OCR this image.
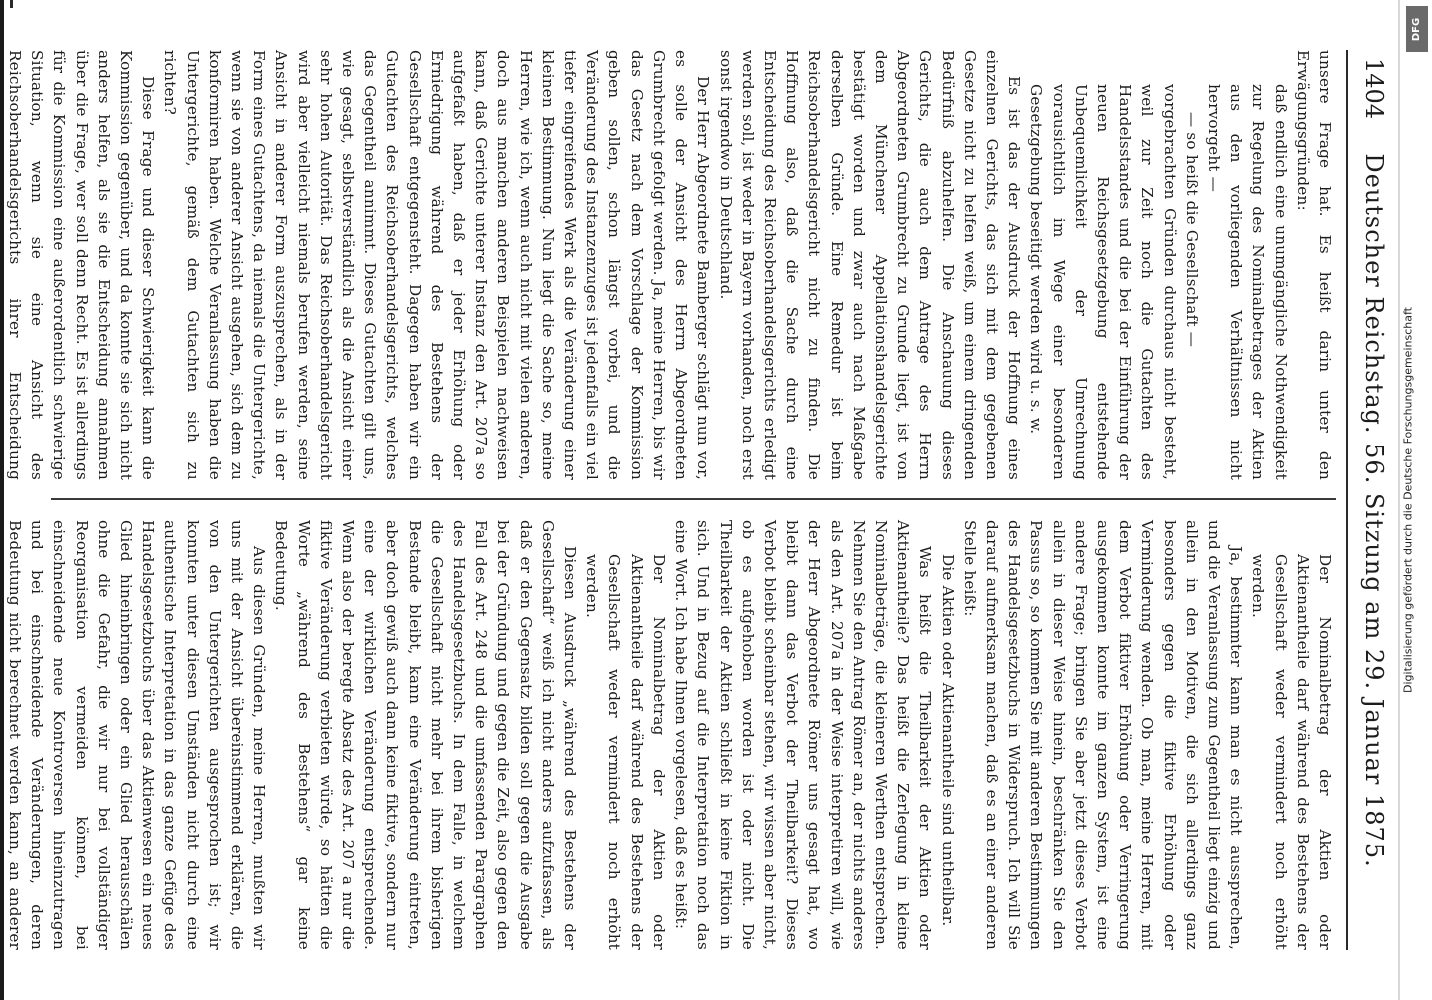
1404
Deutscher Reichstag. 56. Sitzung am 29. Januar 1875.

unsere Frage hat. Es heißt darin unter den Erwägungsgründen:

daß endlich eine unumgängliche Nothwendigkeit zur Regelung des Nominalbetrages der Aktien aus den vorliegenden Verhältnissen nicht hervorgeht —

— so heißt die Gesellschaft —

vorgebrachten Gründen durchaus nicht besteht, weil zur Zeit noch die Gutachten des Handelsstandes und die bei der Einführung der neuen Reichsgesetzgebung entstehende Unbequemlichkeit der Umrechnung vorausichtlich im Wege einer besonderen Gesetzgebung beseitigt werden wird u. s. w.

Es ist das der Ausdruck der Hoffnung eines einzelnen Gerichts, das sich mit dem gegebenen Gesetze nicht zu helfen weiß, um einem dringenden Bedürfniß abzuhelfen. Die Anschauung dieses Gerichts, die auch dem Antrage des Herrn Abgeordneten Grumbrecht zu Grunde liegt, ist von dem Münchener Appellationshandelsgerichte bestätigt worden und zwar auch nach Maßgabe derselben Gründe. Eine Remedur ist beim Reichsoberhandelsgericht nicht zu finden. Die Hoffnung also, daß die Sache durch eine Entscheidung des Reichsoberhandelsgerichts erledigt werden soll, ist weder in Bayern vorhanden, noch erst sonst irgendwo in Deutschland.

Der Herr Abgeordnete Bamberger schlägt nun vor, es solle der Ansicht des Herrn Abgeordneten Grumbrecht gefolgt werden. Ja, meine Herren, bis wir das Gesetz nach dem Vorschlage der Kommission geben sollen, schon längst vorbei, und die Veränderung des Instanzenzuges ist jedenfalls ein viel tiefer eingreifendes Werk als die Veränderung einer kleinen Bestimmung. Nun liegt die Sache so, meine Herren, wie ich, wenn auch nicht mit vielen anderen, doch aus manchen anderen Beispielen nachweisen kann, daß Gerichte unterer Instanz den Art. 207a so aufgefaßt haben, daß er jeder Erhöhung oder Erniedrigung während des Bestehens der Gesellschaft entgegensteht. Dagegen haben wir ein Gutachten des Reichsoberhandelsgerichts, welches das Gegentheil annimmt. Dieses Gutachten gilt uns, wie gesagt, selbstverständlich als die Ansicht einer sehr hohen Autorität. Das Reichsoberhandelsgericht wird aber vielleicht niemals berufen werden, seine Ansicht in anderer Form auszusprechen, als in der Form eines Gutachtens, da niemals die Untergerichte, wenn sie von anderer Ansicht ausgehen, sich dem zu konformiren haben. Welche Veranlassung haben die Untergerichte, gemäß dem Gutachten sich zu richten?

Diese Frage und dieser Schwierigkeit kann die Kommission gegenüber, und da konnte sie sich nicht anders helfen, als sie die Entscheidung annahmen über die Frage, wer soll denn Recht. Es ist allerdings für die Kommission eine außerordentlich schwierige Situation, wenn sie eine Ansicht des Reichsoberhandelsgerichts ihrer Entscheidung

Der Nominalbetrag der Aktien oder Aktienantheile darf während des Bestehens der Gesellschaft weder vermindert noch erhöht werden.

Ja, bestimmter kann man es nicht aussprechen, und die Veranlassung zum Gegentheil liegt einzig und allein in den Motiven, die sich allerdings ganz besonders gegen die fiktive Erhöhung oder Verminderung wenden. Ob man, meine Herren, mit dem Verbot fiktiver Erhöhung oder Verringerung ausgekommen konnte im ganzen System, ist eine andere Frage; bringen Sie aber jetzt dieses Verbot allein in dieser Weise hinein, beschränken Sie den Passus so, so kommen Sie mit anderen Bestimmungen des Handelsgesetzbuchs in Widerspruch. Ich will Sie darauf aufmerksam machen, daß es an einer anderen Stelle heißt:

Die Aktien oder Aktienantheile sind untheilbar.

Was heißt die Theilbarkeit der Aktien oder Aktienantheile? Das heißt die Zerlegung in kleine Nominalbeträge, die kleineren Werthen entsprechen. Nehmen Sie den Antrag Römer an, der nichts anderes als den Art. 207a in der Weise interpretiren will, wie der Herr Abgeordnete Römer uns gesagt hat, wo bleibt dann das Verbot der Theilbarkeit? Dieses Verbot bleibt scheinbar stehen, wir wissen aber nicht, ob es aufgehoben worden ist oder nicht. Die Theilbarkeit der Aktien schließt in keine Fiktion in sich. Und in Bezug auf die Interpretation noch das eine Wort. Ich habe Ihnen vorgelesen, daß es heißt:

Der Nominalbetrag der Aktien oder Aktienantheile darf während des Bestehens der Gesellschaft weder vermindert noch erhöht werden.

Diesen Ausdruck „während des Bestehens der Gesellschaft“ weiß ich nicht anders aufzufassen, als daß er den Gegensatz bilden soll gegen die Ausgabe bei der Gründung und gegen die Zeit, also gegen den Fall des Art. 248 und die umfassenden Paragraphen des Handelsgesetzbuchs. In dem Falle, in welchem die Gesellschaft nicht mehr bei ihrem bisherigen Bestande bleibt, kann eine Veränderung eintreten, aber doch gewiß auch dann keine fiktive, sondern nur eine der wirklichen Veränderung entsprechende. Wenn also der beregte Absatz des Art. 207 a nur die fiktive Veränderung verbieten würde, so hätten die Worte „während des Bestehens“ gar keine Bedeutung.

Aus diesen Gründen, meine Herren, mußten wir uns mit der Ansicht übereinstimmend erklären, die von den Untergerichten ausgesprochen ist; wir konnten unter diesen Umständen nicht durch eine authentische Interpretation in das ganze Gefüge des Handelsgesetzbuchs über das Aktienwesen ein neues Glied hineinbringen oder ein Glied herausschälen ohne die Gefahr, die wir nur bei vollständiger Reorganisation vermeiden können, bei einschneidende neue Kontroversen hineinzutragen und bei einschneidende Veränderungen, deren Bedeutung nicht berechnet werden kann, an anderer

DFG
Digitalisierung gefördert durch die Deutsche Forschungsgemeinschaft
